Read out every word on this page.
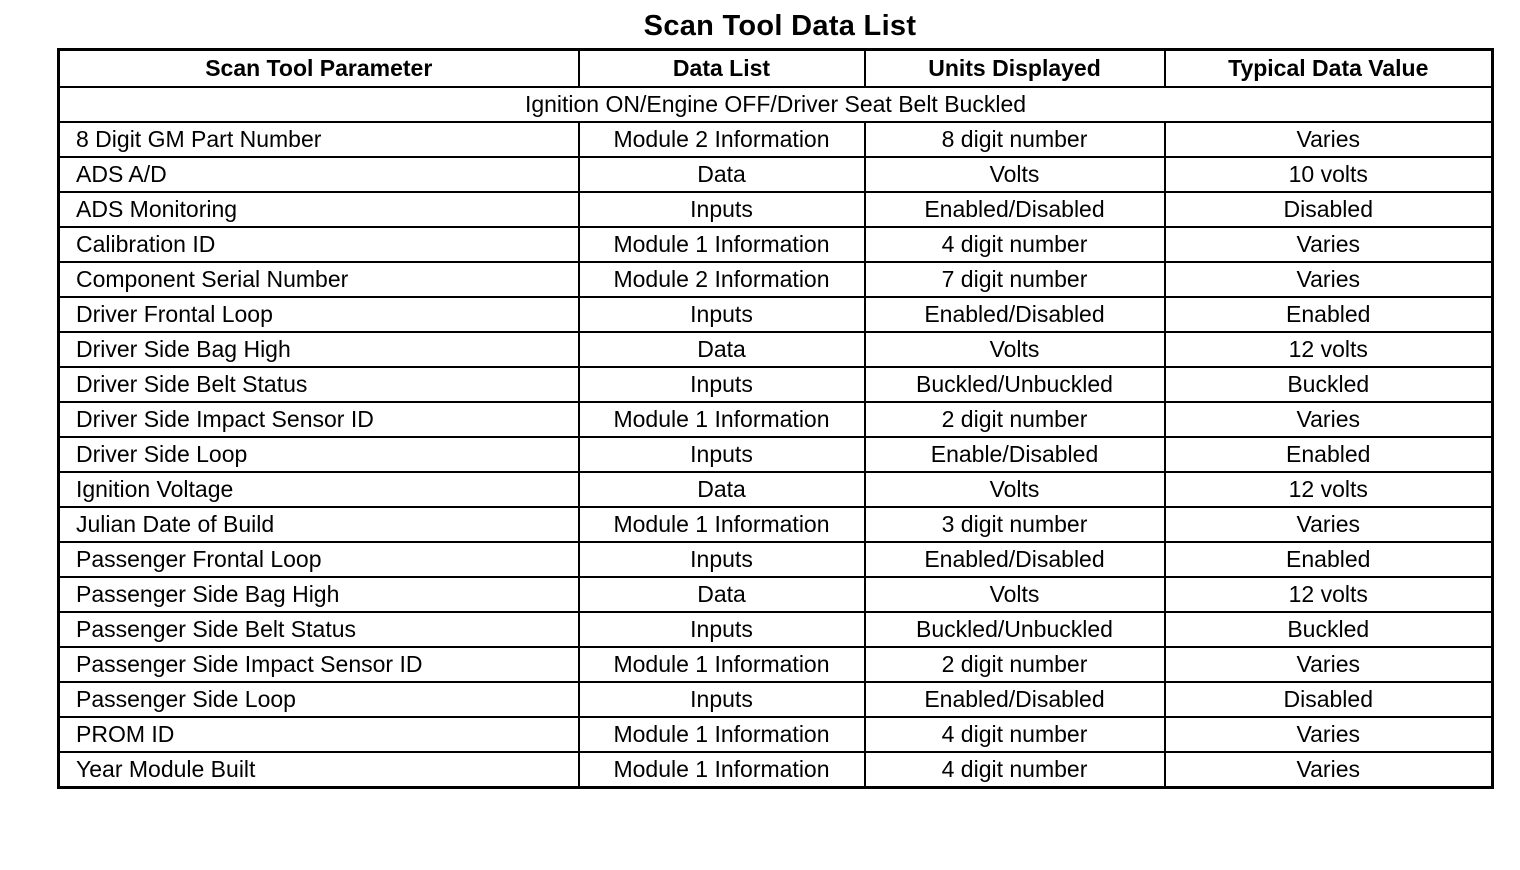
Scan Tool Data List
Scan Tool Parameter	Data List	Units Displayed	Typical Data Value
Ignition ON/Engine OFF/Driver Seat Belt Buckled			
8 Digit GM Part Number	Module 2 Information	8 digit number	Varies
ADS A/D	Data	Volts	10 volts
ADS Monitoring	Inputs	Enabled/Disabled	Disabled
Calibration ID	Module 1 Information	4 digit number	Varies
Component Serial Number	Module 2 Information	7 digit number	Varies
Driver Frontal Loop	Inputs	Enabled/Disabled	Enabled
Driver Side Bag High	Data	Volts	12 volts
Driver Side Belt Status	Inputs	Buckled/Unbuckled	Buckled
Driver Side Impact Sensor ID	Module 1 Information	2 digit number	Varies
Driver Side Loop	Inputs	Enable/Disabled	Enabled
Ignition Voltage	Data	Volts	12 volts
Julian Date of Build	Module 1 Information	3 digit number	Varies
Passenger Frontal Loop	Inputs	Enabled/Disabled	Enabled
Passenger Side Bag High	Data	Volts	12 volts
Passenger Side Belt Status	Inputs	Buckled/Unbuckled	Buckled
Passenger Side Impact Sensor ID	Module 1 Information	2 digit number	Varies
Passenger Side Loop	Inputs	Enabled/Disabled	Disabled
PROM ID	Module 1 Information	4 digit number	Varies
Year Module Built	Module 1 Information	4 digit number	Varies
